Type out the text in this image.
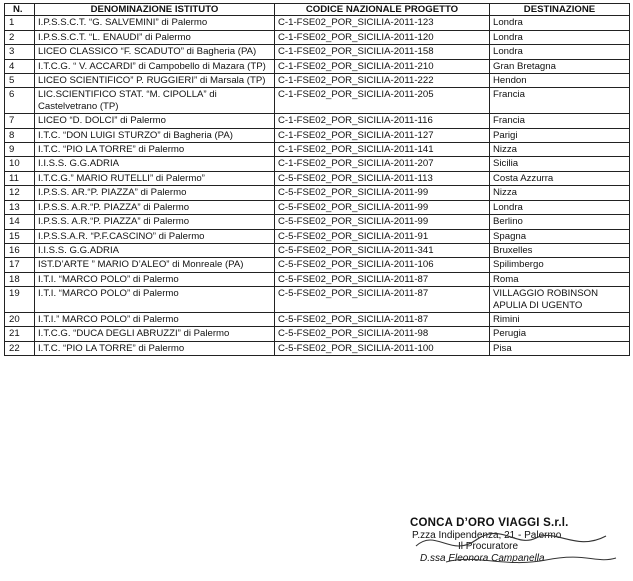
N.	DENOMINAZIONE ISTITUTO	CODICE NAZIONALE PROGETTO	DESTINAZIONE
1	I.P.S.S.C.T. “G. SALVEMINI” di Palermo	C-1-FSE02_POR_SICILIA-2011-123	Londra
2	I.P.S.S.C.T. “L. ENAUDI” di Palermo	C-1-FSE02_POR_SICILIA-2011-120	Londra
3	LICEO CLASSICO “F. SCADUTO” di Bagheria (PA)	C-1-FSE02_POR_SICILIA-2011-158	Londra
4	I.T.C.G. “ V. ACCARDI” di Campobello di Mazara (TP)	C-1-FSE02_POR_SICILIA-2011-210	Gran Bretagna
5	LICEO SCIENTIFICO” P. RUGGIERI” di Marsala (TP)	C-1-FSE02_POR_SICILIA-2011-222	Hendon
6	LIC.SCIENTIFICO STAT. “M. CIPOLLA” di Castelvetrano (TP)	C-1-FSE02_POR_SICILIA-2011-205	Francia
7	LICEO “D. DOLCI” di Palermo	C-1-FSE02_POR_SICILIA-2011-116	Francia
8	I.T.C. “DON LUIGI STURZO” di Bagheria (PA)	C-1-FSE02_POR_SICILIA-2011-127	Parigi
9	I.T.C. “PIO LA TORRE” di Palermo	C-1-FSE02_POR_SICILIA-2011-141	Nizza
10	I.I.S.S. G.G.ADRIA	C-1-FSE02_POR_SICILIA-2011-207	Sicilia
11	I.T.C.G.” MARIO RUTELLI” di Palermo”	C-5-FSE02_POR_SICILIA-2011-113	Costa Azzurra
12	I.P.S.S. AR.“P. PIAZZA” di Palermo	C-5-FSE02_POR_SICILIA-2011-99	Nizza
13	I.P.S.S. A.R.“P. PIAZZA” di Palermo	C-5-FSE02_POR_SICILIA-2011-99	Londra
14	I.P.S.S. A.R.“P. PIAZZA” di Palermo	C-5-FSE02_POR_SICILIA-2011-99	Berlino
15	I.P.S.S.A.R. “P.F.CASCINO” di Palermo	C-5-FSE02_POR_SICILIA-2011-91	Spagna
16	I.I.S.S. G.G.ADRIA	C-5-FSE02_POR_SICILIA-2011-341	Bruxelles
17	IST.D’ARTE ” MARIO D’ALEO” di Monreale (PA)	C-5-FSE02_POR_SICILIA-2011-106	Spilimbergo
18	I.T.I. “MARCO POLO” di Palermo	C-5-FSE02_POR_SICILIA-2011-87	Roma
19	I.T.I. “MARCO POLO” di Palermo	C-5-FSE02_POR_SICILIA-2011-87	VILLAGGIO ROBINSON APULIA DI UGENTO
20	I.T.I.” MARCO POLO” di Palermo	C-5-FSE02_POR_SICILIA-2011-87	Rimini
21	I.T.C.G. “DUCA DEGLI ABRUZZI” di Palermo	C-5-FSE02_POR_SICILIA-2011-98	Perugia
22	I.T.C. “PIO LA TORRE” di Palermo	C-5-FSE02_POR_SICILIA-2011-100	Pisa
CONCA D’ORO VIAGGI S.r.l.
P.zza Indipendenza, 21 - Palermo
Il Procuratore
D.ssa Eleonora Campanella
